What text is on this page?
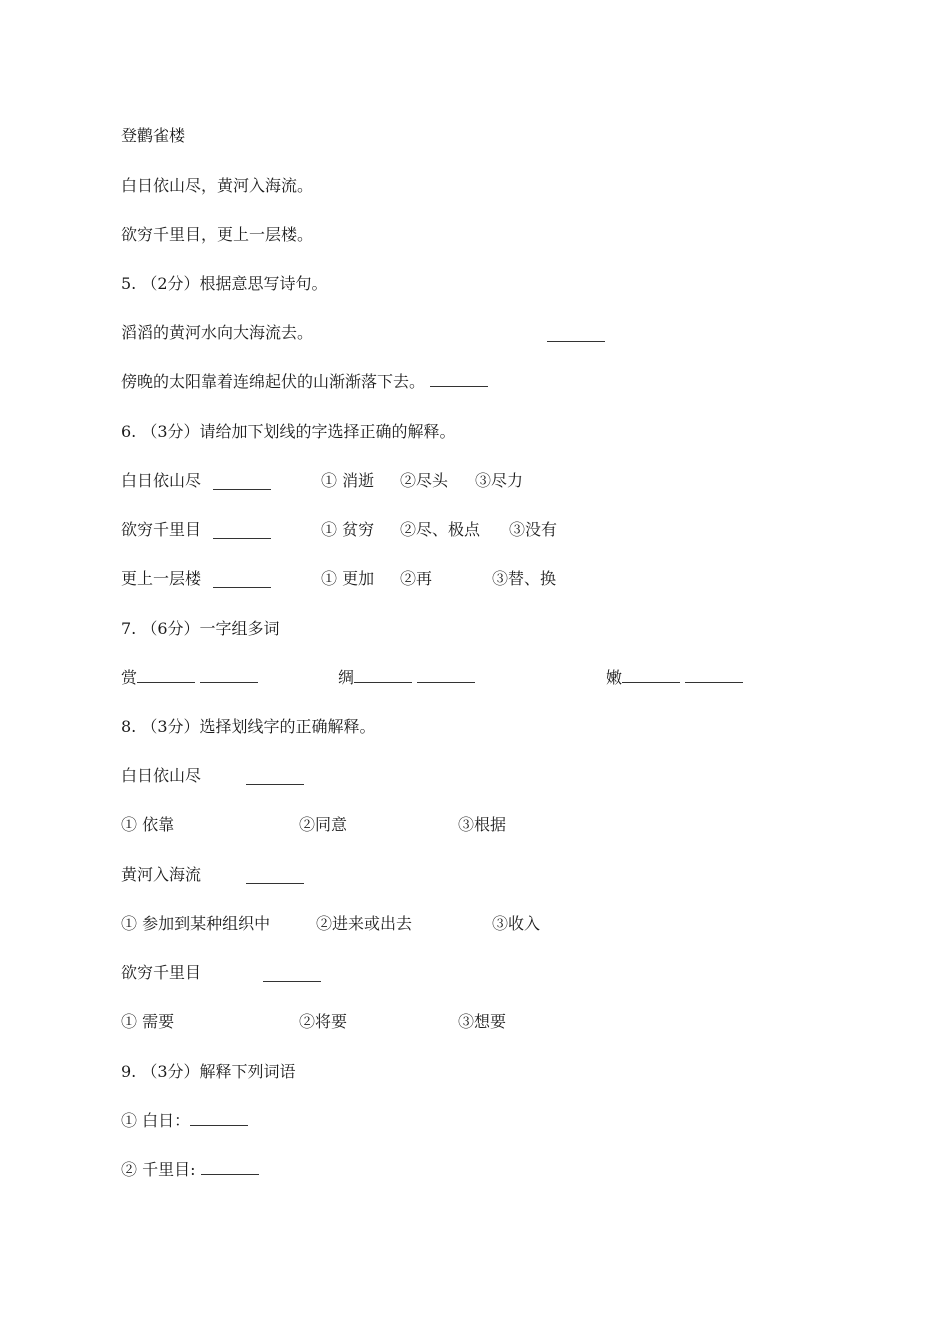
登鹳雀楼
白日依山尽，黄河入海流。
欲穷千里目，更上一层楼。
5. （2分）根据意思写诗句。
滔滔的黄河水向大海流去。
傍晚的太阳靠着连绵起伏的山渐渐落下去。
6. （3分）请给加下划线的字选择正确的解释。
白日依山尽	① 消逝 ②尽头 ③尽力
欲穷千里目	① 贫穷 ②尽、极点 ③没有
更上一层楼	① 更加 ②再	③替、换
7. （6分）一字组多词
赏	绸	嫩
8. （3分）选择划线字的正确解释。
白日依山尽
① 依靠	②同意	③根据
黄河入海流
① 参加到某种组织中	②进来或出去	③收入
欲穷千里目
① 需要	②将要	③想要
9. （3分）解释下列词语
① 白日：
② 千里目:
